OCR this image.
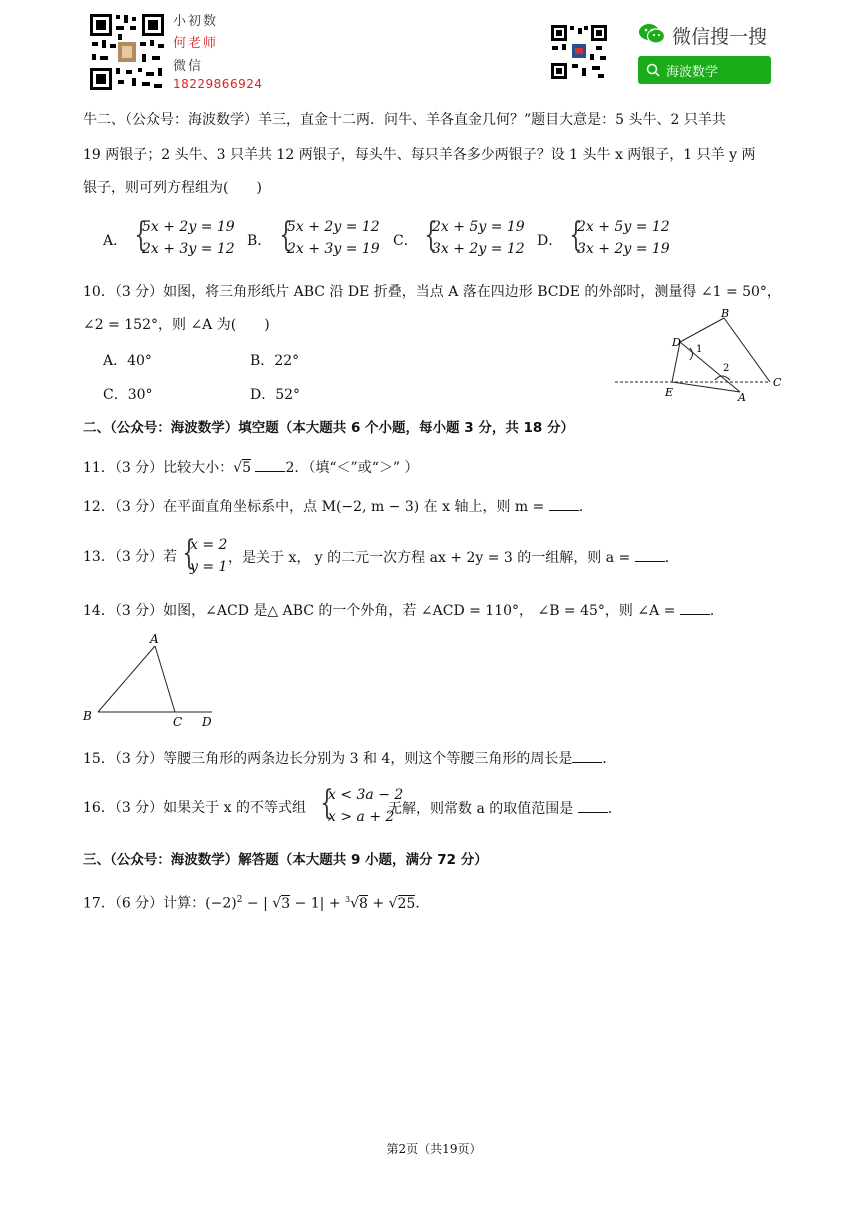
小初数
何老师
微信
18229866924
微信搜一搜
海波数学
牛二、（公众号：海波数学）羊三，直金十二两．问牛、羊各直金几何？”题目大意是：5 头牛、2 只羊共
19 两银子；2 头牛、3 只羊共 12 两银子，每头牛、每只羊各多少两银子？设 1 头牛 x 两银子，1 只羊 y 两
银子，则可列方程组为(　　)
A． {
5x + 2y = 19
2x + 3y = 12 B． {
5x + 2y = 12
2x + 3y = 19 C． {
2x + 5y = 19
3x + 2y = 12 D． {
2x + 5y = 12
3x + 2y = 19
10．（3 分）如图，将三角形纸片 ABC 沿 DE 折叠，当点 A 落在四边形 BCDE 的外部时，测量得 ∠1 = 50°，
∠2 = 152°，则 ∠A 为(　　)
A．40°	B．22°
C．30°	D．52°
B
D
1
2
C
E	A
二、（公众号：海波数学）填空题（本大题共 6 个小题，每小题 3 分，共 18 分）
11．（3 分）比较大小：√5 2．（填“＜”或“＞” ）
12．（3 分）在平面直角坐标系中，点 M(−2, m − 3) 在 x 轴上，则 m = ．
13．（3 分）若 {
x = 2
y = 1
，是关于 x， y 的二元一次方程 ax + 2y = 3 的一组解，则 a = ．
14．（3 分）如图，∠ACD 是△ ABC 的一个外角，若 ∠ACD = 110°， ∠B = 45°，则 ∠A = ．
A
B	C D
15．（3 分）等腰三角形的两条边长分别为 3 和 4，则这个等腰三角形的周长是 ．
16．（3 分）如果关于 x 的不等式组 {
x < 3a − 2
x > a + 2
无解，则常数 a 的取值范围是 ．
三、（公众号：海波数学）解答题（本大题共 9 小题，满分 72 分）
17．（6 分）计算：$(-2)^2$ − | √3 − 1| + $^3$√8 + √25．
第2页（共19页）
